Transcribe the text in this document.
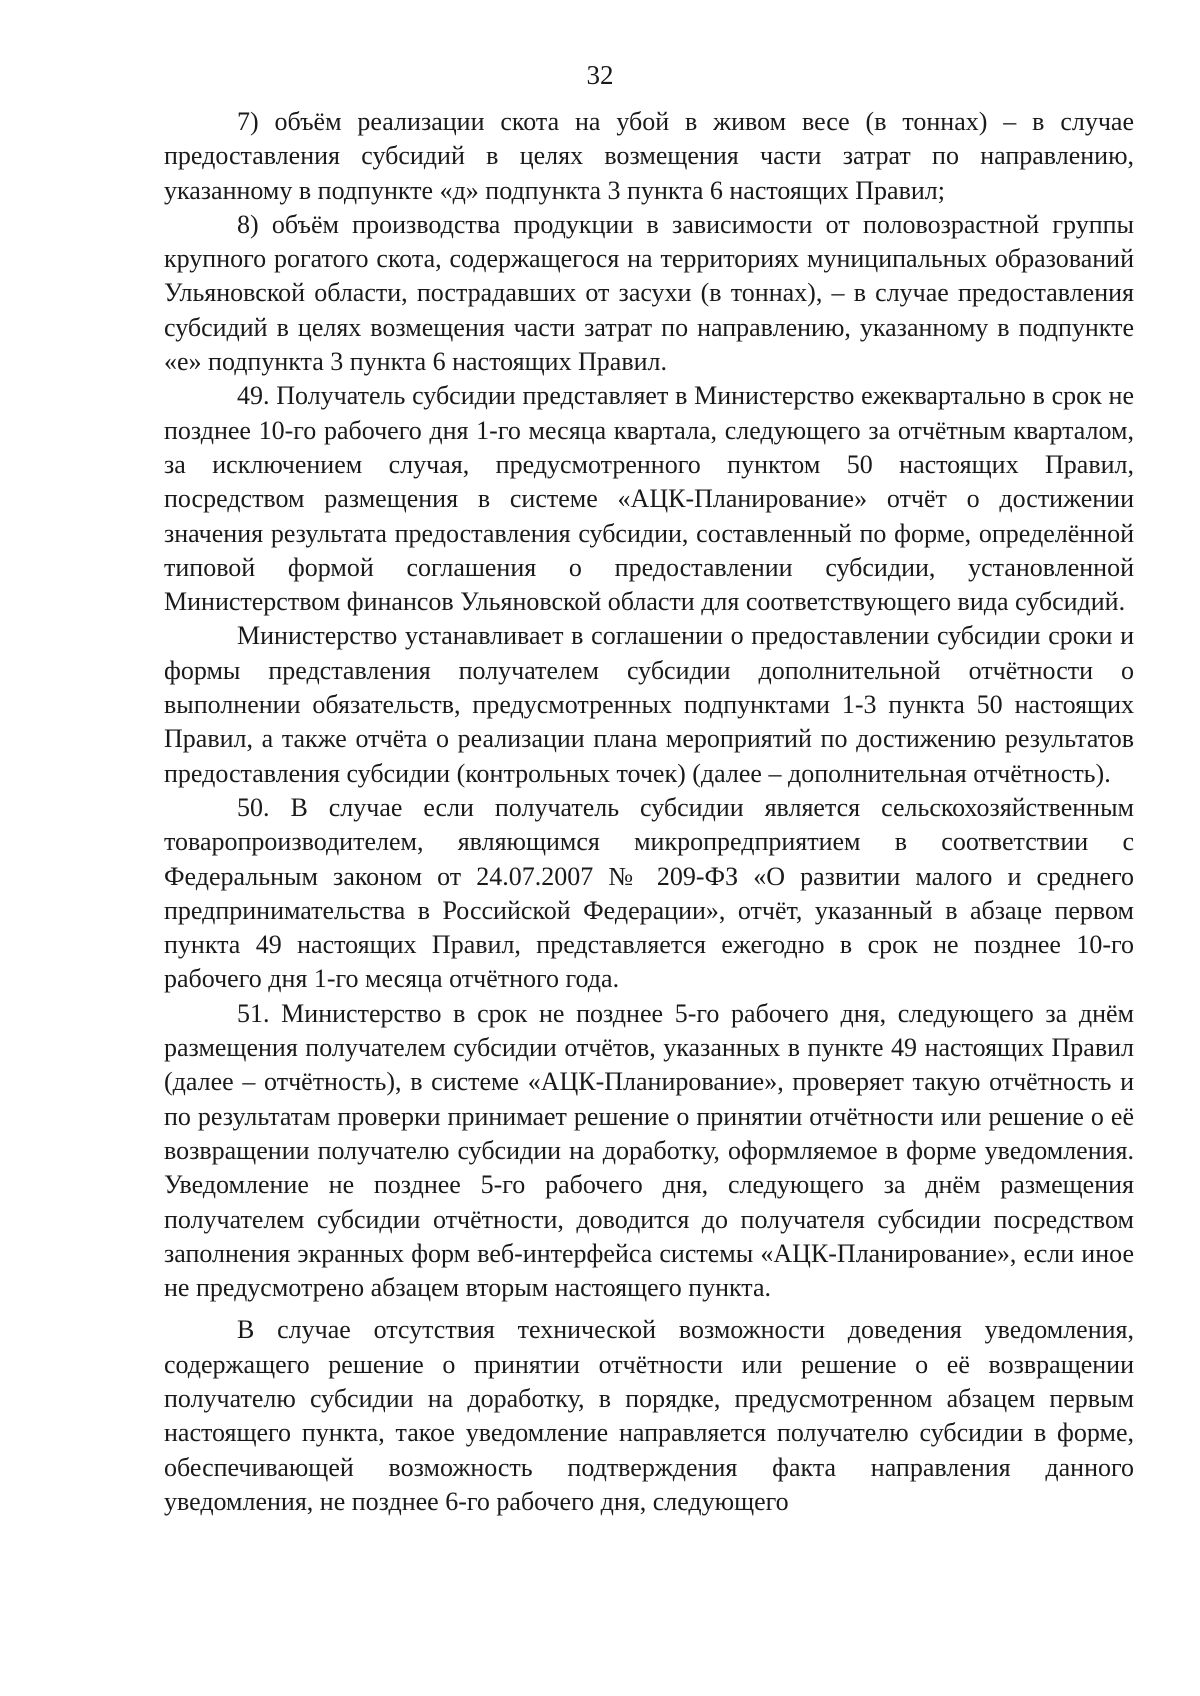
32

7) объём реализации скота на убой в живом весе (в тоннах) – в случае предоставления субсидий в целях возмещения части затрат по направлению, указанному в подпункте «д» подпункта 3 пункта 6 настоящих Правил;

8) объём производства продукции в зависимости от половозрастной группы крупного рогатого скота, содержащегося на территориях муниципальных образований Ульяновской области, пострадавших от засухи (в тоннах), – в случае предоставления субсидий в целях возмещения части затрат по направлению, указанному в подпункте «е» подпункта 3 пункта 6 настоящих Правил.

49. Получатель субсидии представляет в Министерство ежеквартально в срок не позднее 10-го рабочего дня 1-го месяца квартала, следующего за отчётным кварталом, за исключением случая, предусмотренного пунктом 50 настоящих Правил, посредством размещения в системе «АЦК-Планирование» отчёт о достижении значения результата предоставления субсидии, составленный по форме, определённой типовой формой соглашения о предоставлении субсидии, установленной Министерством финансов Ульяновской области для соответствующего вида субсидий.

Министерство устанавливает в соглашении о предоставлении субсидии сроки и формы представления получателем субсидии дополнительной отчётности о выполнении обязательств, предусмотренных подпунктами 1-3 пункта 50 настоящих Правил, а также отчёта о реализации плана мероприятий по достижению результатов предоставления субсидии (контрольных точек) (далее – дополнительная отчётность).

50. В случае если получатель субсидии является сельскохозяйственным товаропроизводителем, являющимся микропредприятием в соответствии с Федеральным законом от 24.07.2007 № 209-ФЗ «О развитии малого и среднего предпринимательства в Российской Федерации», отчёт, указанный в абзаце первом пункта 49 настоящих Правил, представляется ежегодно в срок не позднее 10-го рабочего дня 1-го месяца отчётного года.

51. Министерство в срок не позднее 5-го рабочего дня, следующего за днём размещения получателем субсидии отчётов, указанных в пункте 49 настоящих Правил (далее – отчётность), в системе «АЦК-Планирование», проверяет такую отчётность и по результатам проверки принимает решение о принятии отчётности или решение о её возвращении получателю субсидии на доработку, оформляемое в форме уведомления. Уведомление не позднее 5-го рабочего дня, следующего за днём размещения получателем субсидии отчётности, доводится до получателя субсидии посредством заполнения экранных форм веб-интерфейса системы «АЦК-Планирование», если иное не предусмотрено абзацем вторым настоящего пункта.

В случае отсутствия технической возможности доведения уведомления, содержащего решение о принятии отчётности или решение о её возвращении получателю субсидии на доработку, в порядке, предусмотренном абзацем первым настоящего пункта, такое уведомление направляется получателю субсидии в форме, обеспечивающей возможность подтверждения факта направления данного уведомления, не позднее 6-го рабочего дня, следующего
